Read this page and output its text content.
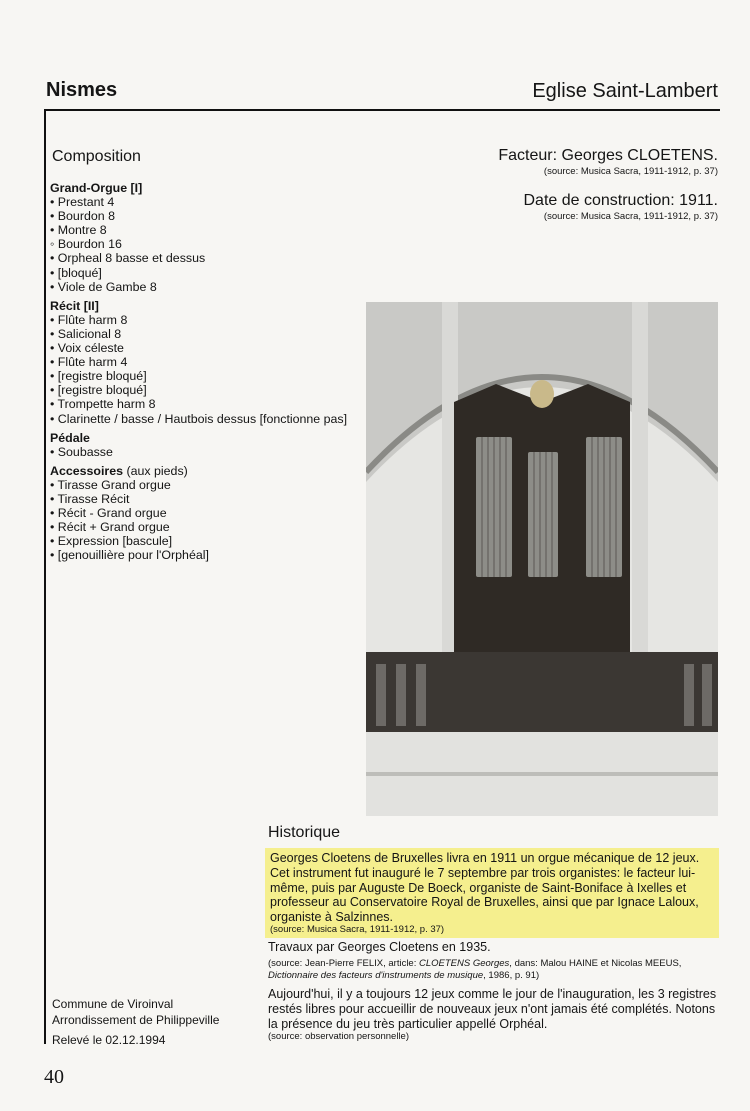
Nismes	Eglise Saint-Lambert
Composition
Grand-Orgue [I]
• Prestant 4
• Bourdon 8
• Montre 8
◦ Bourdon 16
• Orpheal 8 basse et dessus
• [bloqué]
• Viole de Gambe 8
Récit [II]
• Flûte harm 8
• Salicional 8
• Voix céleste
• Flûte harm 4
• [registre bloqué]
• [registre bloqué]
• Trompette harm 8
• Clarinette / basse / Hautbois dessus [fonctionne pas]
Pédale
• Soubasse
Accessoires (aux pieds)
• Tirasse Grand orgue
• Tirasse Récit
• Récit - Grand orgue
• Récit + Grand orgue
• Expression [bascule]
• [genouillière pour l'Orphéal]
Facteur: Georges CLOETENS.
(source: Musica Sacra, 1911-1912, p. 37)
Date de construction: 1911.
(source: Musica Sacra, 1911-1912, p. 37)
Historique
Georges Cloetens de Bruxelles livra en 1911 un orgue mécanique de 12 jeux. Cet instrument fut inauguré le 7 septembre par trois organistes: le facteur lui-même, puis par Auguste De Boeck, organiste de Saint-Boniface à Ixelles et professeur au Conservatoire Royal de Bruxelles, ainsi que par Ignace Laloux, organiste à Salzinnes.
(source: Musica Sacra, 1911-1912, p. 37)
Travaux par Georges Cloetens en 1935.
(source: Jean-Pierre FELIX, article: CLOETENS Georges, dans: Malou HAINE et Nicolas MEEUS, Dictionnaire des facteurs d'instruments de musique, 1986, p. 91)
Aujourd'hui, il y a toujours 12 jeux comme le jour de l'inauguration, les 3 registres restés libres pour accueillir de nouveaux jeux n'ont jamais été complétés. Notons la présence du jeu très particulier appellé Orphéal.
(source: observation personnelle)
Commune de Viroinval
Arrondissement de Philippeville
Relevé le 02.12.1994
40
